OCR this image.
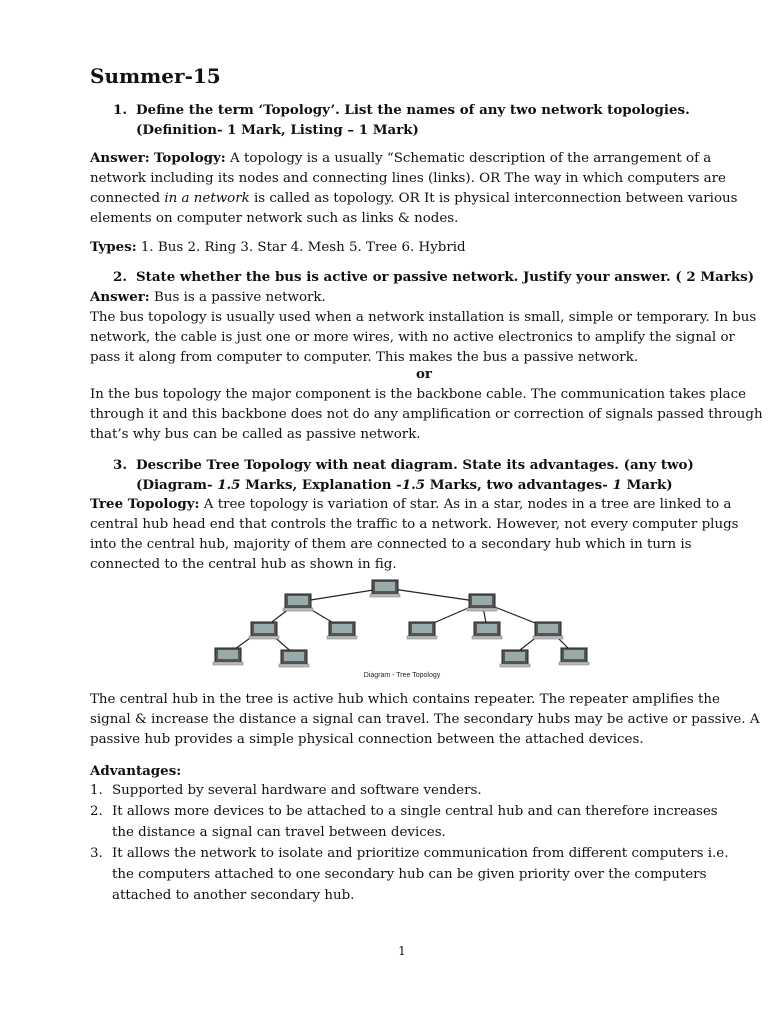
Summer-15
1. Define the term ‘Topology’. List the names of any two network topologies.
(Definition- 1 Mark, Listing – 1 Mark)
Answer: Topology: A topology is a usually “Schematic description of the arrangement of a
network including its nodes and connecting lines (links). OR The way in which computers are
connected in a network is called as topology. OR It is physical interconnection between various
elements on computer network such as links & nodes.
Types: 1. Bus 2. Ring 3. Star 4. Mesh 5. Tree 6. Hybrid
2. State whether the bus is active or passive network. Justify your answer. ( 2 Marks)
Answer: Bus is a passive network.
The bus topology is usually used when a network installation is small, simple or temporary. In bus
network, the cable is just one or more wires, with no active electronics to amplify the signal or
pass it along from computer to computer. This makes the bus a passive network.
or
In the bus topology the major component is the backbone cable. The communication takes place
through it and this backbone does not do any amplification or correction of signals passed through
that’s why bus can be called as passive network.
3. Describe Tree Topology with neat diagram. State its advantages. (any two)
(Diagram- 1.5 Marks, Explanation -1.5 Marks, two advantages- 1 Mark)
Tree Topology: A tree topology is variation of star. As in a star, nodes in a tree are linked to a
central hub head end that controls the traffic to a network. However, not every computer plugs
into the central hub, majority of them are connected to a secondary hub which in turn is
connected to the central hub as shown in fig.
Diagram - Tree Topology
The central hub in the tree is active hub which contains repeater. The repeater amplifies the
signal & increase the distance a signal can travel. The secondary hubs may be active or passive. A
passive hub provides a simple physical connection between the attached devices.
Advantages:
1. Supported by several hardware and software venders.
2. It allows more devices to be attached to a single central hub and can therefore increases
the distance a signal can travel between devices.
3. It allows the network to isolate and prioritize communication from different computers i.e.
the computers attached to one secondary hub can be given priority over the computers
attached to another secondary hub.
1
